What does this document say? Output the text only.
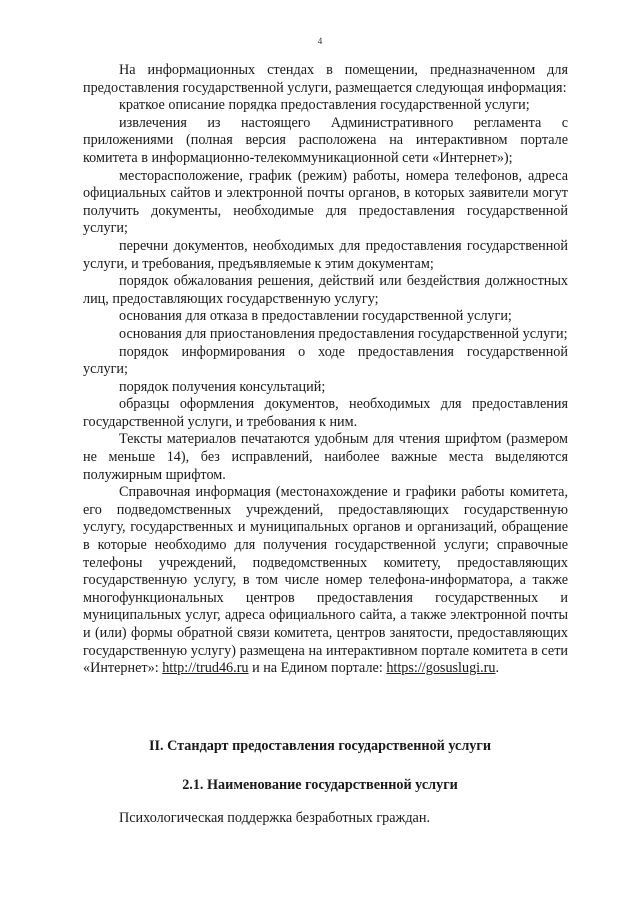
4

На информационных стендах в помещении, предназначенном для предоставления государственной услуги, размещается следующая информация:

краткое описание порядка предоставления государственной услуги;

извлечения из настоящего Административного регламента с приложениями (полная версия расположена на интерактивном портале комитета в информационно-телекоммуникационной сети «Интернет»);

месторасположение, график (режим) работы, номера телефонов, адреса официальных сайтов и электронной почты органов, в которых заявители могут получить документы, необходимые для предоставления государственной услуги;

перечни документов, необходимых для предоставления государственной услуги, и требования, предъявляемые к этим документам;

порядок обжалования решения, действий или бездействия должностных лиц, предоставляющих государственную услугу;

основания для отказа в предоставлении государственной услуги;

основания для приостановления предоставления государственной услуги;

порядок информирования о ходе предоставления государственной услуги;

порядок получения консультаций;

образцы оформления документов, необходимых для предоставления государственной услуги, и требования к ним.

Тексты материалов печатаются удобным для чтения шрифтом (размером не меньше 14), без исправлений, наиболее важные места выделяются полужирным шрифтом.

Справочная информация (местонахождение и графики работы комитета, его подведомственных учреждений, предоставляющих государственную услугу, государственных и муниципальных органов и организаций, обращение в которые необходимо для получения государственной услуги; справочные телефоны учреждений, подведомственных комитету, предоставляющих государственную услугу, в том числе номер телефона-информатора, а также многофункциональных центров предоставления государственных и муниципальных услуг, адреса официального сайта, а также электронной почты и (или) формы обратной связи комитета, центров занятости, предоставляющих государственную услугу) размещена на интерактивном портале комитета в сети «Интернет»: http://trud46.ru и на Едином портале: https://gosuslugi.ru.

II. Стандарт предоставления государственной услуги
2.1. Наименование государственной услуги
Психологическая поддержка безработных граждан.
